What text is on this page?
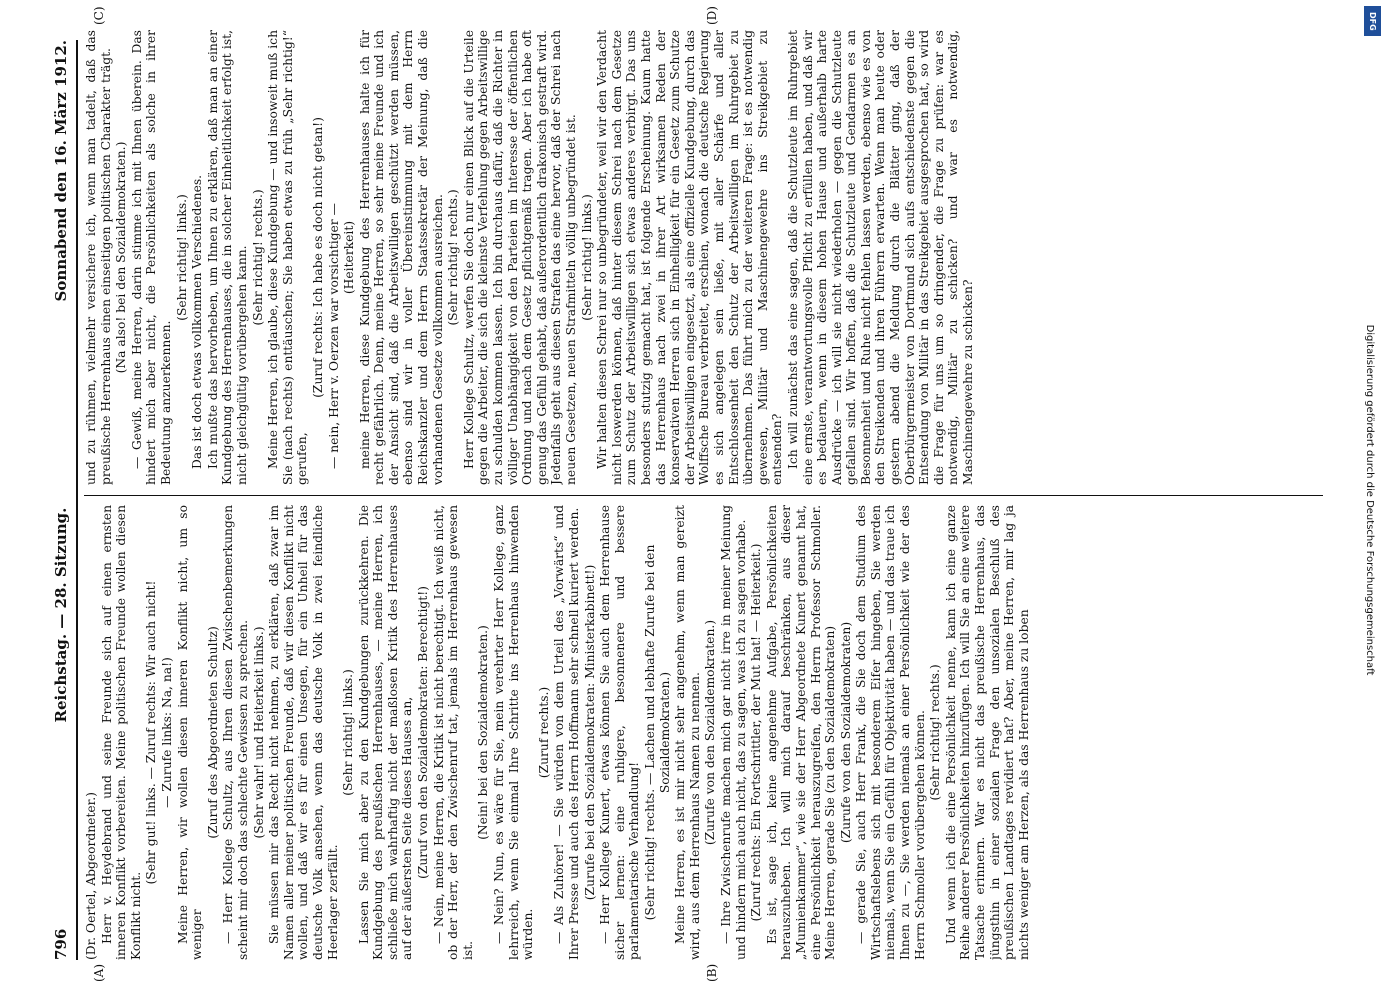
796
Reichstag. — 28. Sitzung.
Sonnabend den 16. März 1912.
(A)	(B)
(C)	(D)

(Dr. Oertel, Abgeordneter.) Herr v. Heydebrand und seine Freunde sich auf einen ernsten inneren Konflikt vorbereiten. Meine politischen Freunde wollen diesen Konflikt nicht.

(Sehr gut! links. — Zuruf rechts: Wir auch nicht! — Zurufe links: Na, na!) Meine Herren, wir wollen diesen inneren Konflikt nicht, um so weniger

(Zuruf des Abgeordneten Schultz) — Herr Kollege Schultz, aus Ihren diesen Zwischenbemerkungen scheint mir doch das schlechte Gewissen zu sprechen. (Sehr wahr! und Heiterkeit links.) Sie müssen mir das Recht nicht nehmen, zu erklären, daß zwar im Namen aller meiner politischen Freunde, daß wir diesen Konflikt nicht wollen, und daß wir es für einen Unsegen, für ein Unheil für das deutsche Volk ansehen, wenn das deutsche Volk in zwei feindliche Heerlager zerfällt.

(Sehr richtig! links.) Lassen Sie mich aber zu den Kundgebungen zurückkehren. Die Kundgebung des preußischen Herrenhauses, — meine Herren, ich schließe mich wahrhaftig nicht der maßlosen Kritik des Herrenhauses auf der äußersten Seite dieses Hauses an, (Zuruf von den Sozialdemokraten: Berechtigt!) — Nein, meine Herren, die Kritik ist nicht berechtigt. Ich weiß nicht, ob der Herr, der den Zwischenruf tat, jemals im Herrenhaus gewesen ist.

(Nein! bei den Sozialdemokraten.) — Nein? Nun, es wäre für Sie, mein verehrter Herr Kollege, ganz lehrreich, wenn Sie einmal Ihre Schritte ins Herrenhaus hinwenden würden.

(Zuruf rechts.) — Als Zuhörer! — Sie würden von dem Urteil des „Vorwärts“ und Ihrer Presse und auch des Herrn Hoffmann sehr schnell kuriert werden. (Zurufe bei den Sozialdemokraten: Ministerkabinett!) — Herr Kollege Kunert, etwas können Sie auch dem Herrenhause sicher lernen: eine ruhigere, besonnenere und bessere parlamentarische Verhandlung! (Sehr richtig! rechts. — Lachen und lebhafte Zurufe bei den Sozialdemokraten.) Meine Herren, es ist mir nicht sehr angenehm, wenn man gereizt wird, aus dem Herrenhaus Namen zu nennen. (Zurufe von den Sozialdemokraten.) — Ihre Zwischenrufe machen mich gar nicht irre in meiner Meinung und hindern mich auch nicht, das zu sagen, was ich zu sagen vorhabe. (Zuruf rechts: Ein Fortschrittler, der Mut hat! — Heiterkeit.) Es ist, sage ich, keine angenehme Aufgabe, Persönlichkeiten herauszuheben. Ich will mich darauf beschränken, aus dieser „Mumienkammer“, wie sie der Herr Abgeordnete Kunert genannt hat, eine Persönlichkeit herauszugreifen, den Herrn Professor Schmoller. Meine Herren, gerade Sie (zu den Sozialdemokraten) (Zurufe von den Sozialdemokraten) — gerade Sie, auch Herr Frank, die Sie doch dem Studium des Wirtschaftslebens sich mit besonderem Eifer hingeben, Sie werden niemals, wenn Sie ein Gefühl für Objektivität haben — und das traue ich Ihnen zu —, Sie werden niemals an einer Persönlichkeit wie der des Herrn Schmoller vorübergehen können. (Sehr richtig! rechts.) Und wenn ich die eine Persönlichkeit nenne, kann ich eine ganze Reihe anderer Persönlichkeiten hinzufügen. Ich will Sie an eine weitere Tatsache erinnern. War es nicht das preußische Herrenhaus, das jüngsthin in einer sozialen Frage den unsozialen Beschluß des preußischen Landtages revidiert hat? Aber, meine Herren, mir lag ja nichts weniger am Herzen, als das Herrenhaus zu loben

und zu rühmen, vielmehr versichere ich, wenn man tadelt, daß das preußische Herrenhaus einen einseitigen politischen Charakter trägt. (Na also! bei den Sozialdemokraten.) — Gewiß, meine Herren, darin stimme ich mit Ihnen überein. Das hindert mich aber nicht, die Persönlichkeiten als solche in ihrer Bedeutung anzuerkennen.

(Sehr richtig! links.) Das ist doch etwas vollkommen Verschiedenes. Ich mußte das hervorheben, um Ihnen zu erklären, daß man an einer Kundgebung des Herrenhauses, die in solcher Einheitlichkeit erfolgt ist, nicht gleichgültig vorübergehen kann. (Sehr richtig! rechts.) Meine Herren, ich glaube, diese Kundgebung — und insoweit muß ich Sie (nach rechts) enttäuschen; Sie haben etwas zu früh „Sehr richtig!“ gerufen,

(Zuruf rechts: Ich habe es doch nicht getan!) — nein, Herr v. Oerzen war vorsichtiger — (Heiterkeit) meine Herren, diese Kundgebung des Herrenhauses halte ich für recht gefährlich. Denn, meine Herren, so sehr meine Freunde und ich der Ansicht sind, daß die Arbeitswilligen geschützt werden müssen, ebenso sind wir in voller Übereinstimmung mit dem Herrn Reichskanzler und dem Herrn Staatssekretär der Meinung, daß die vorhandenen Gesetze vollkommen ausreichen. (Sehr richtig! rechts.) Herr Kollege Schultz, werfen Sie doch nur einen Blick auf die Urteile gegen die Arbeiter, die sich die kleinste Verfehlung gegen Arbeitswillige zu schulden kommen lassen. Ich bin durchaus dafür, daß die Richter in völliger Unabhängigkeit von den Parteien im Interesse der öffentlichen Ordnung und nach dem Gesetz pflichtgemäß tragen. Aber ich habe oft genug das Gefühl gehabt, daß außerordentlich drakonisch gestraft wird. Jedenfalls geht aus diesen Strafen das eine hervor, daß der Schrei nach neuen Gesetzen, neuen Strafmitteln völlig unbegründet ist. (Sehr richtig! links.) Wir halten diesen Schrei nur so unbegründeter, weil wir den Verdacht nicht loswerden können, daß hinter diesem Schrei nach dem Gesetze zum Schutz der Arbeitswilligen sich etwas anderes verbirgt. Das uns besonders stutzig gemacht hat, ist folgende Erscheinung. Kaum hatte das Herrenhaus nach zwei in ihrer Art wirksamen Reden der konservativen Herren sich in Einhelligkeit für ein Gesetz zum Schutze der Arbeitswilligen eingesetzt, als eine offizielle Kundgebung, durch das Wolffsche Bureau verbreitet, erschien, wonach die deutsche Regierung es sich angelegen sein ließe, mit aller Schärfe und aller Entschlossenheit den Schutz der Arbeitswilligen im Ruhrgebiet zu übernehmen. Das führt mich zu der weiteren Frage: ist es notwendig gewesen, Militär und Maschinengewehre ins Streikgebiet zu entsenden? Ich will zunächst das eine sagen, daß die Schutzleute im Ruhrgebiet eine ernste, verantwortungsvolle Pflicht zu erfüllen haben, und daß wir es bedauern, wenn in diesem hohen Hause und außerhalb harte Ausdrücke — ich will sie nicht wiederholen — gegen die Schutzleute gefallen sind. Wir hoffen, daß die Schutzleute und Gendarmen es an Besonnenheit und Ruhe nicht fehlen lassen werden, ebenso wie es von den Streikenden und ihren Führern erwarten. Wenn man heute oder gestern abend die Meldung durch die Blätter ging, daß der Oberbürgermeister von Dortmund sich aufs entschiedenste gegen die Entsendung von Militär in das Streikgebiet ausgesprochen hat, so wird die Frage für uns um so dringender, die Frage zu prüfen: war es notwendig, Militär zu schicken? und war es notwendig, Maschinengewehre zu schicken?	Digitalisierung gefördert durch die Deutsche Forschungsgemeinschaft
DFG
